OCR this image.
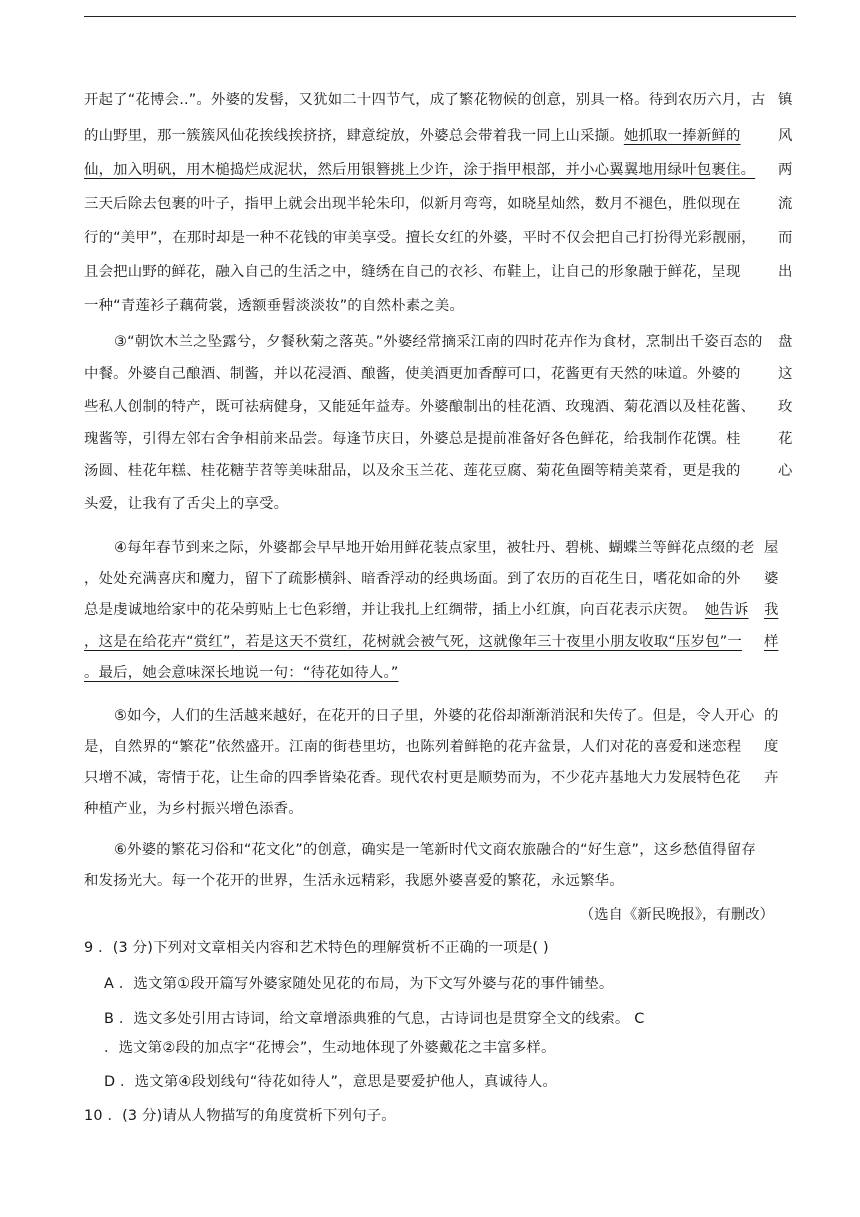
开起了“花博会..”。外婆的发髻，又犹如二十四节气，成了繁花物候的创意，别具一格。待到农历六月，古
的山野里，那一簇簇风仙花挨线挨挤挤，肆意绽放，外婆总会带着我一同上山采撷。她抓取一捧新鲜的
仙，加入明矾，用木槌捣烂成泥状，然后用银簪挑上少许，涂于指甲根部，并小心翼翼地用绿叶包裹住。
三天后除去包裹的叶子，指甲上就会出现半轮朱印，似新月弯弯，如晓星灿然，数月不褪色，胜似现在
行的“美甲”，在那时却是一种不花钱的审美享受。擅长女红的外婆，平时不仅会把自己打扮得光彩靓丽，
且会把山野的鲜花，融入自己的生活之中，缝绣在自己的衣衫、布鞋上，让自己的形象融于鲜花，呈现
一种“青莲衫子藕荷裳，透额垂髫淡淡妆”的自然朴素之美。
镇
风
两
流
而
出
③“朝饮木兰之坠露兮，夕餐秋菊之落英。”外婆经常摘采江南的四时花卉作为食材，烹制出千姿百态的
中餐。外婆自己酿酒、制酱，并以花浸酒、酿酱，使美酒更加香醇可口，花酱更有天然的味道。外婆的
些私人创制的特产，既可祛病健身，又能延年益寿。外婆酿制出的桂花酒、玫瑰酒、菊花酒以及桂花酱、
瑰酱等，引得左邻右舍争相前来品尝。每逢节庆日，外婆总是提前准备好各色鲜花，给我制作花馔。桂
汤圆、桂花年糕、桂花糖芋苕等美味甜品，以及氽玉兰花、莲花豆腐、菊花鱼圈等精美菜肴，更是我的
头爱，让我有了舌尖上的享受。
盘
这
玫
花
心
④每年春节到来之际，外婆都会早早地开始用鲜花装点家里，被牡丹、碧桃、蝴蝶兰等鲜花点缀的老
，处处充满喜庆和魔力，留下了疏影横斜、暗香浮动的经典场面。到了农历的百花生日，嗜花如命的外
总是虔诚地给家中的花朵剪贴上七色彩缯，并让我扎上红绸带，插上小红旗，向百花表示庆贺。 她告诉
，这是在给花卉“赏红”，若是这天不赏红，花树就会被气死，这就像年三十夜里小朋友收取“压岁包”一
。最后，她会意味深长地说一句：“待花如待人。”
屋
婆
我
样
⑤如今，人们的生活越来越好，在花开的日子里，外婆的花俗却渐渐消泯和失传了。但是，令人开心
是，自然界的“繁花”依然盛开。江南的街巷里坊，也陈列着鲜艳的花卉盆景，人们对花的喜爱和迷恋程
只增不减，寄情于花，让生命的四季皆染花香。现代农村更是顺势而为，不少花卉基地大力发展特色花
种植产业，为乡村振兴增色添香。
的
度
卉
⑥外婆的繁花习俗和“花文化”的创意，确实是一笔新时代文商农旅融合的“好生意”，这乡愁值得留存
和发扬光大。每一个花开的世界，生活永远精彩，我愿外婆喜爱的繁花，永远繁华。
（选自《新民晚报》，有删改）
9 ．(3 分)下列对文章相关内容和艺术特色的理解赏析不正确的一项是( )
A ．选文第①段开篇写外婆家随处见花的布局，为下文写外婆与花的事件铺垫。
B ．选文多处引用古诗词，给文章增添典雅的气息，古诗词也是贯穿全文的线索。 C
．选文第②段的加点字“花博会”，生动地体现了外婆戴花之丰富多样。
D ．选文第④段划线句“待花如待人”，意思是要爱护他人，真诚待人。
10 ．(3 分)请从人物描写的角度赏析下列句子。
